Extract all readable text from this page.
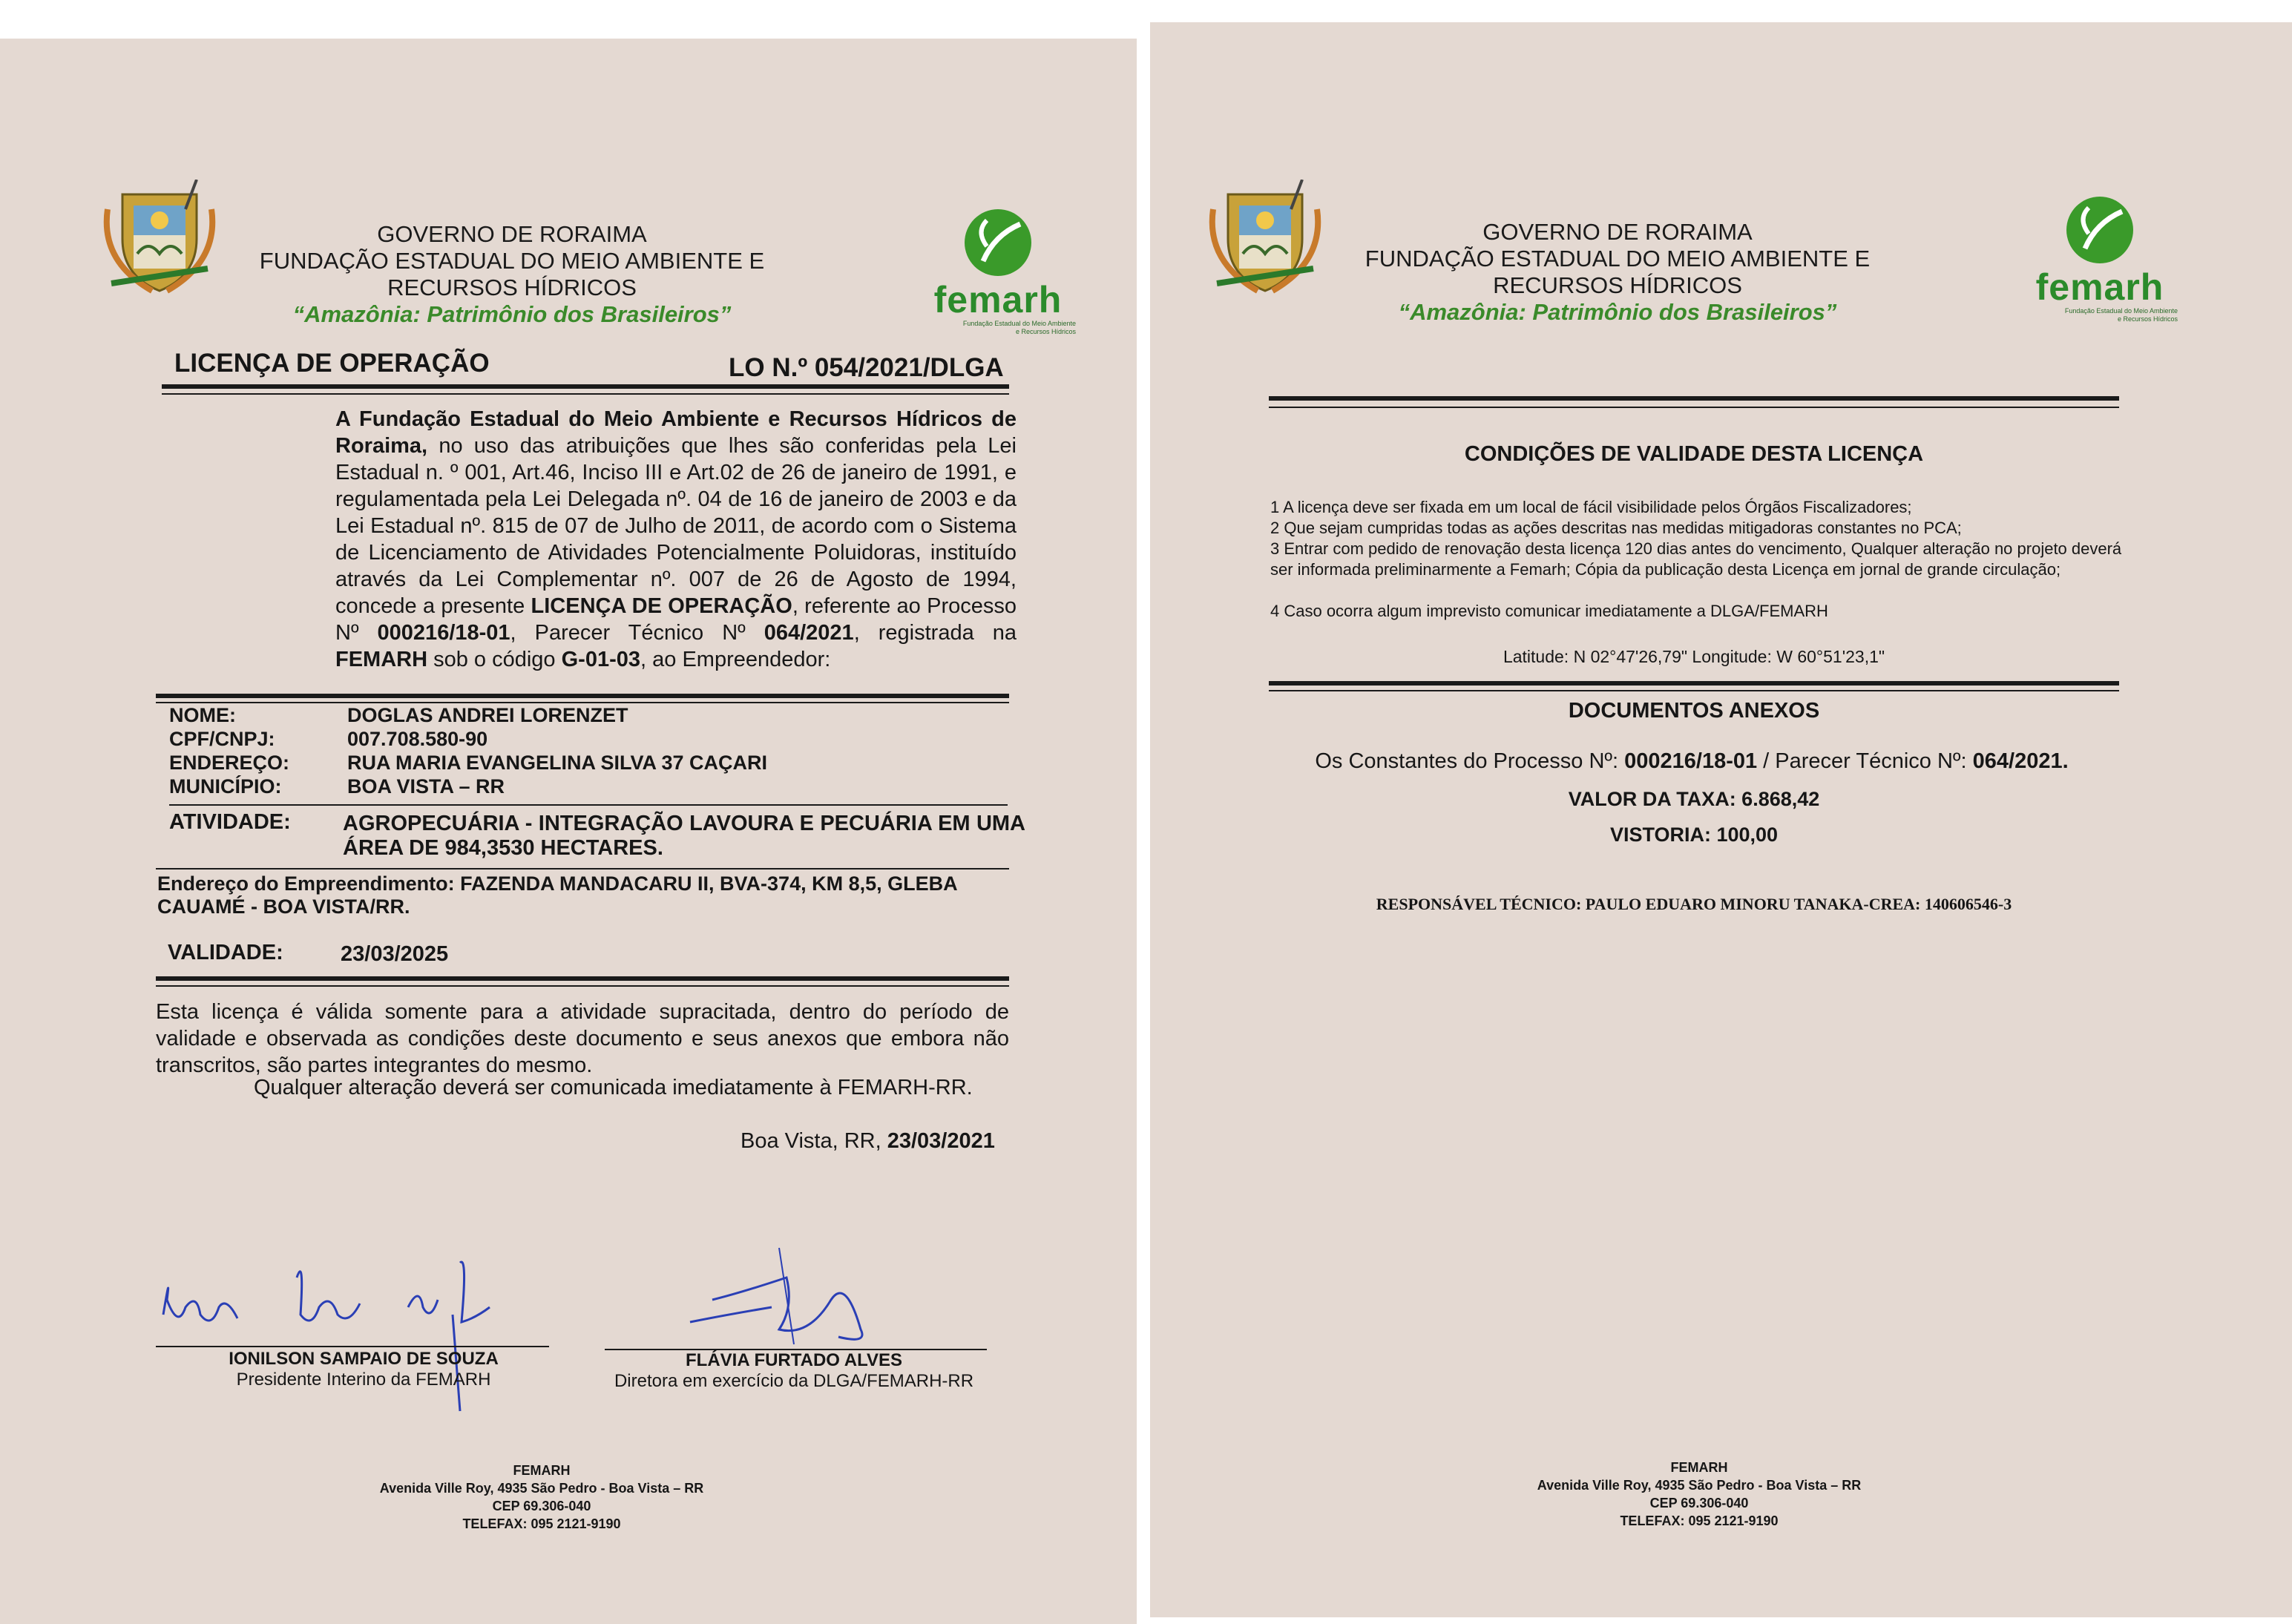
GOVERNO DE RORAIMA
FUNDAÇÃO ESTADUAL DO MEIO AMBIENTE E
RECURSOS HÍDRICOS
“Amazônia: Patrimônio dos Brasileiros”	femarh
Fundação Estadual do Meio Ambiente
e Recursos Hídricos
LICENÇA DE OPERAÇÃO	LO N.º 054/2021/DLGA
A Fundação Estadual do Meio Ambiente e Recursos Hídricos de Roraima, no uso das atribuições que lhes são conferidas pela Lei Estadual n. º 001, Art.46, Inciso III e Art.02 de 26 de janeiro de 1991, e regulamentada pela Lei Delegada nº. 04 de 16 de janeiro de 2003 e da Lei Estadual nº. 815 de 07 de Julho de 2011, de acordo com o Sistema de Licenciamento de Atividades Potencialmente Poluidoras, instituído através da Lei Complementar nº. 007 de 26 de Agosto de 1994, concede a presente LICENÇA DE OPERAÇÃO, referente ao Processo Nº 000216/18-01, Parecer Técnico Nº 064/2021, registrada na FEMARH sob o código G-01-03, ao Empreendedor:
NOME:	DOGLAS ANDREI LORENZET
CPF/CNPJ:	007.708.580-90
ENDEREÇO:	RUA MARIA EVANGELINA SILVA 37 CAÇARI
MUNICÍPIO:	BOA VISTA – RR
ATIVIDADE: AGROPECUÁRIA - INTEGRAÇÃO LAVOURA E PECUÁRIA EM UMA ÁREA DE 984,3530 HECTARES.
Endereço do Empreendimento: FAZENDA MANDACARU II, BVA-374, KM 8,5, GLEBA CAUAMÉ - BOA VISTA/RR.
VALIDADE:	23/03/2025
Esta licença é válida somente para a atividade supracitada, dentro do período de validade e observada as condições deste documento e seus anexos que embora não transcritos, são partes integrantes do mesmo.
Qualquer alteração deverá ser comunicada imediatamente à FEMARH-RR.
Boa Vista, RR, 23/03/2021
IONILSON SAMPAIO DE SOUZA
Presidente Interino da FEMARH
FLÁVIA FURTADO ALVES
Diretora em exercício da DLGA/FEMARH-RR
FEMARH
Avenida Ville Roy, 4935 São Pedro - Boa Vista – RR
CEP 69.306-040
TELEFAX: 095 2121-9190
GOVERNO DE RORAIMA
FUNDAÇÃO ESTADUAL DO MEIO AMBIENTE E
RECURSOS HÍDRICOS
“Amazônia: Patrimônio dos Brasileiros”
femarh
Fundação Estadual do Meio Ambiente
e Recursos Hídricos
CONDIÇÕES DE VALIDADE DESTA LICENÇA
1 A licença deve ser fixada em um local de fácil visibilidade pelos Órgãos Fiscalizadores;
2 Que sejam cumpridas todas as ações descritas nas medidas mitigadoras constantes no PCA;
3 Entrar com pedido de renovação desta licença 120 dias antes do vencimento, Qualquer alteração no projeto deverá ser informada preliminarmente a Femarh; Cópia da publicação desta Licença em jornal de grande circulação;
4 Caso ocorra algum imprevisto comunicar imediatamente a DLGA/FEMARH
Latitude: N 02°47'26,79" Longitude: W 60°51'23,1"
DOCUMENTOS ANEXOS
Os Constantes do Processo Nº: 000216/18-01 / Parecer Técnico Nº: 064/2021.
VALOR DA TAXA: 6.868,42
VISTORIA: 100,00
RESPONSÁVEL TÉCNICO: PAULO EDUARO MINORU TANAKA-CREA: 140606546-3
FEMARH
Avenida Ville Roy, 4935 São Pedro - Boa Vista – RR
CEP 69.306-040
TELEFAX: 095 2121-9190
